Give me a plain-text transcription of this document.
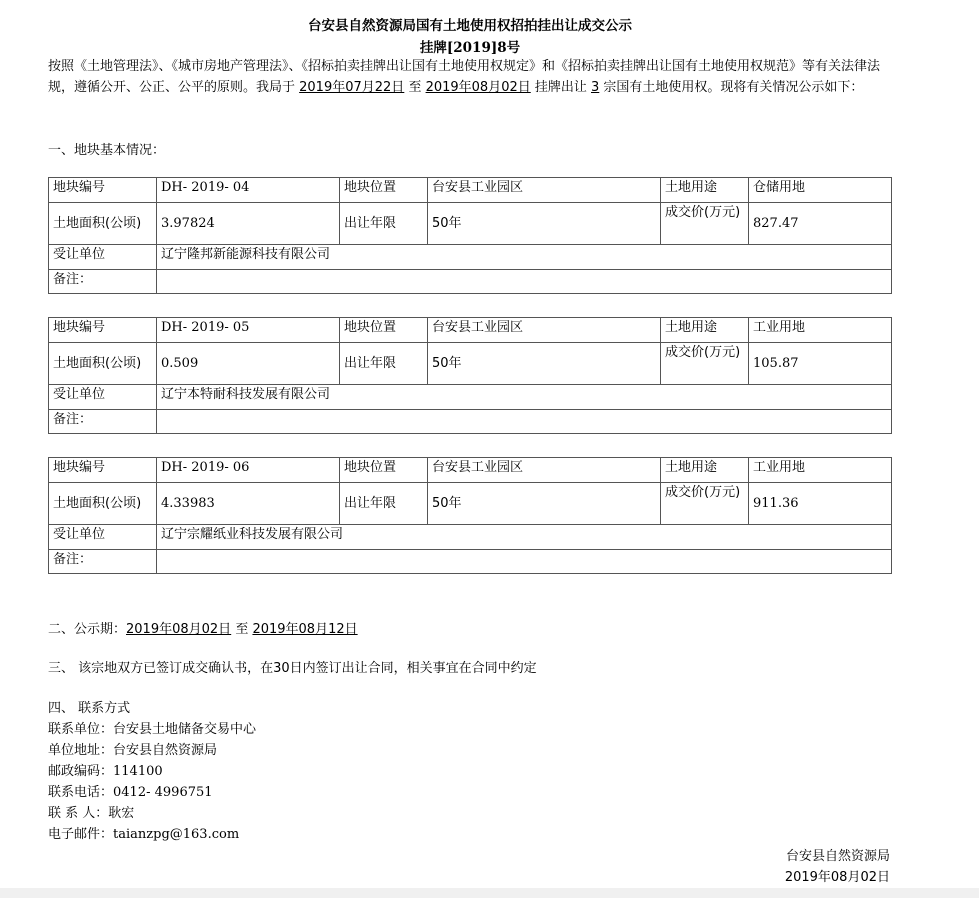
台安县自然资源局国有土地使用权招拍挂出让成交公示
挂牌[2019]8号
按照《土地管理法》、《城市房地产管理法》、《招标拍卖挂牌出让国有土地使用权规定》和《招标拍卖挂牌出让国有土地使用权规范》等有关法律法规，遵循公开、公正、公平的原则。我局于 2019年07月22日 至 2019年08月02日 挂牌出让 3 宗国有土地使用权。现将有关情况公示如下：
一、地块基本情况：
地块编号	DH- 2019- 04	地块位置	台安县工业园区	土地用途	仓储用地
土地面积(公顷)	3.97824	出让年限	50年	成交价(万元)	827.47
受让单位	辽宁隆邦新能源科技有限公司				
备注：					
地块编号	DH- 2019- 05	地块位置	台安县工业园区	土地用途	工业用地
土地面积(公顷)	0.509	出让年限	50年	成交价(万元)	105.87
受让单位	辽宁本特耐科技发展有限公司				
备注：					
地块编号	DH- 2019- 06	地块位置	台安县工业园区	土地用途	工业用地
土地面积(公顷)	4.33983	出让年限	50年	成交价(万元)	911.36
受让单位	辽宁宗耀纸业科技发展有限公司				
备注：					
二、公示期：2019年08月02日 至 2019年08月12日
三、 该宗地双方已签订成交确认书，在30日内签订出让合同，相关事宜在合同中约定
四、 联系方式
联系单位：台安县土地储备交易中心
单位地址：台安县自然资源局
邮政编码：114100
联系电话：0412- 4996751
联 系 人：耿宏
电子邮件：taianzpg@163.com
台安县自然资源局
2019年08月02日
